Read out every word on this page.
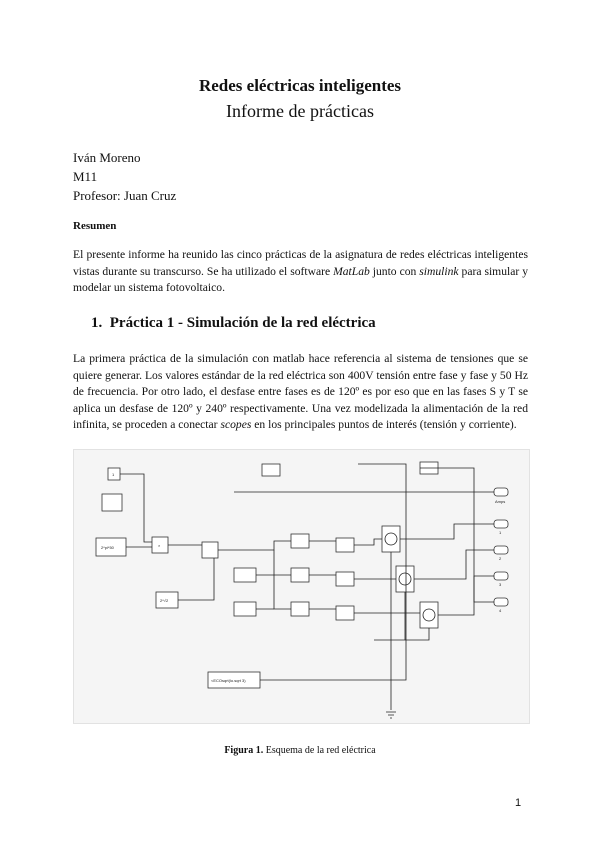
Redes eléctricas inteligentes
Informe de prácticas
Iván Moreno
M11
Profesor: Juan Cruz
Resumen

El presente informe ha reunido las cinco prácticas de la asignatura de redes eléctricas inteligentes vistas durante su transcurso. Se ha utilizado el software MatLab junto con simulink para simular y modelar un sistema fotovoltaico.

1. Práctica 1 - Simulación de la red eléctrica

La primera práctica de la simulación con matlab hace referencia al sistema de tensiones que se quiere generar. Los valores estándar de la red eléctrica son 400V tensión entre fase y fase y 50 Hz de frecuencia. Por otro lado, el desfase entre fases es de 120º es por eso que en las fases S y T se aplica un desfase de 120º y 240º respectivamente. Una vez modelizada la alimentación de la red infinita, se proceden a conectar scopes en los principales puntos de interés (tensión y corriente).

1
2*pi*50	×
2*√2
<ECOsqrt(lo.sqrt 3)
Amps
1
2
3
4
Figura 1. Esquema de la red eléctrica
1
